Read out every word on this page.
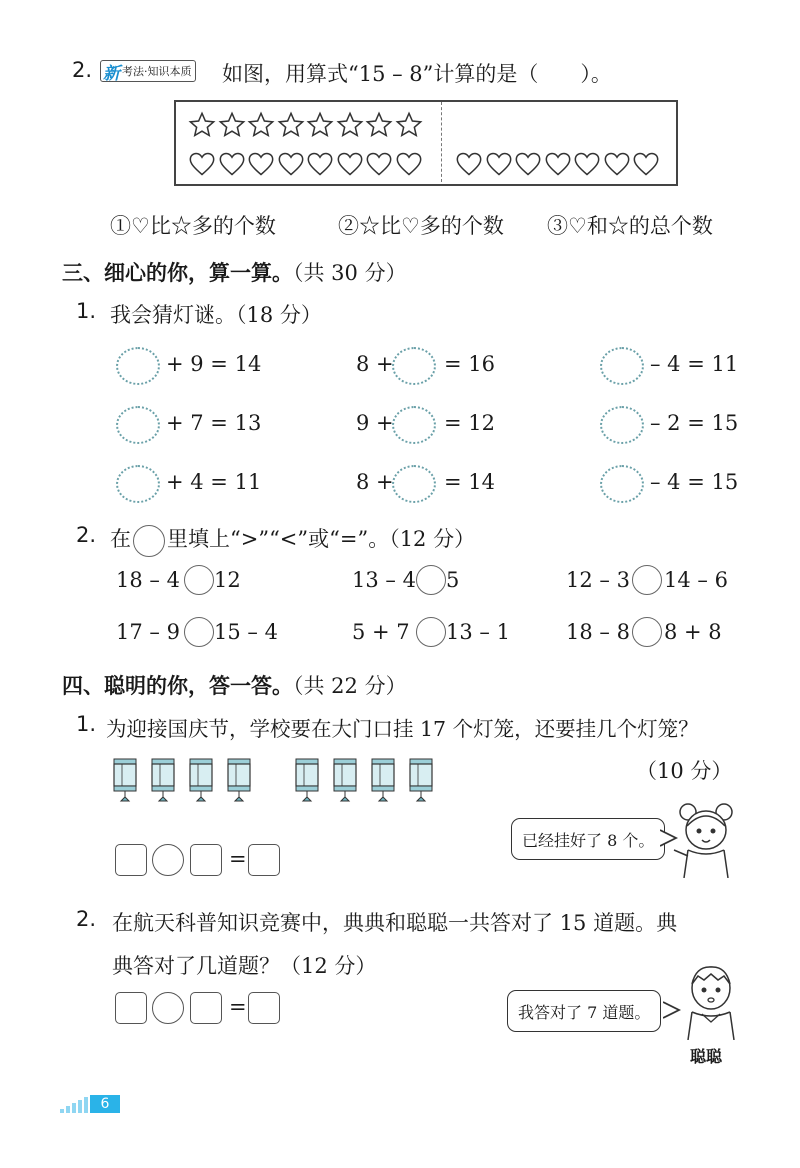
2. 新 考法·知识本质 如图，用算式“15 – 8”计算的是（　　）。
①♡比☆多的个数	②☆比♡多的个数 ③♡和☆的总个数
三、细心的你，算一算。（共 30 分）
1. 我会猜灯谜。（18 分）
+ 9 = 14	8 + = 16	– 4 = 11
+ 7 = 13	9 + = 12	– 2 = 15
+ 4 = 11	8 + = 14	– 4 = 15
2. 在 里填上“>”“<”或“=”。（12 分）
18 – 4 12	13 – 4 5	12 – 3 14 – 6
17 – 9 15 – 4	5 + 7 13 – 1	18 – 8 8 + 8
四、聪明的你，答一答。（共 22 分）
1. 为迎接国庆节，学校要在大门口挂 17 个灯笼，还要挂几个灯笼？
（10 分）
已经挂好了 8 个。
=
2. 在航天科普知识竞赛中，典典和聪聪一共答对了 15 道题。典
典答对了几道题？（12 分）
我答对了 7 道题。
聪聪
=
6
